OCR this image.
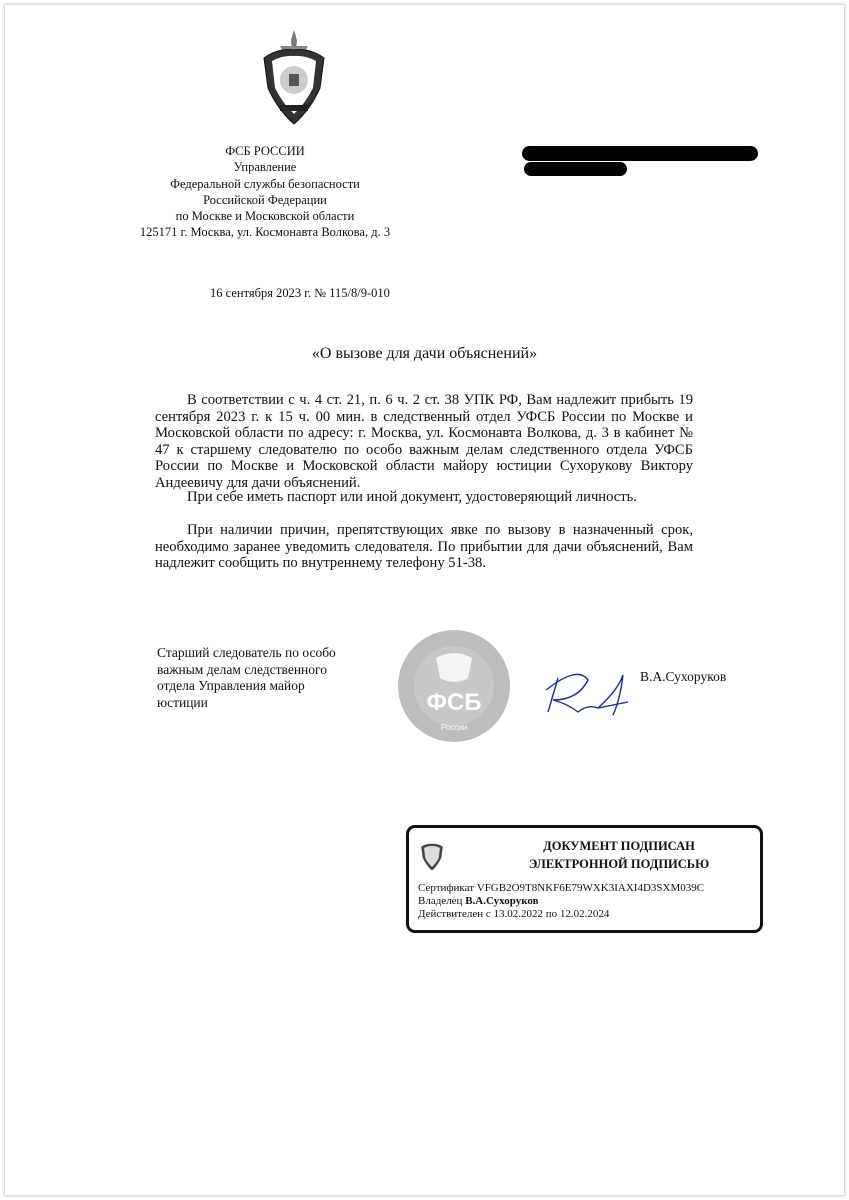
ФСБ РОССИИ
Управление
Федеральной службы безопасности
Российской Федерации
по Москве и Московской области
125171 г. Москва, ул. Космонавта Волкова, д. 3
16 сентября 2023 г. № 115/8/9-010
«О вызове для дачи объяснений»

В соответствии с ч. 4 ст. 21, п. 6 ч. 2 ст. 38 УПК РФ, Вам надлежит прибыть 19 сентября 2023 г. к 15 ч. 00 мин. в следственный отдел УФСБ России по Москве и Московской области по адресу: г. Москва, ул. Космонавта Волкова, д. 3 в кабинет № 47 к старшему следователю по особо важным делам следственного отдела УФСБ России по Москве и Московской области майору юстиции Сухорукову Виктору Андеевичу для дачи объяснений.

При себе иметь паспорт или иной документ, удостоверяющий личность.

При наличии причин, препятствующих явке по вызову в назначенный срок, необходимо заранее уведомить следователя. По прибытии для дачи объяснений, Вам надлежит сообщить по внутреннему телефону 51-38.

Старший следователь по особо важным делам следственного отдела Управления майор юстиции	ФСБ
России
В.А.Сухоруков
ДОКУМЕНТ ПОДПИСАН
ЭЛЕКТРОННОЙ ПОДПИСЬЮ
Сертификат VFGB2O9T8NKF6E79WXK3IAXI4D3SXM039C
Владелец В.А.Сухоруков
Действителен с 13.02.2022 по 12.02.2024
